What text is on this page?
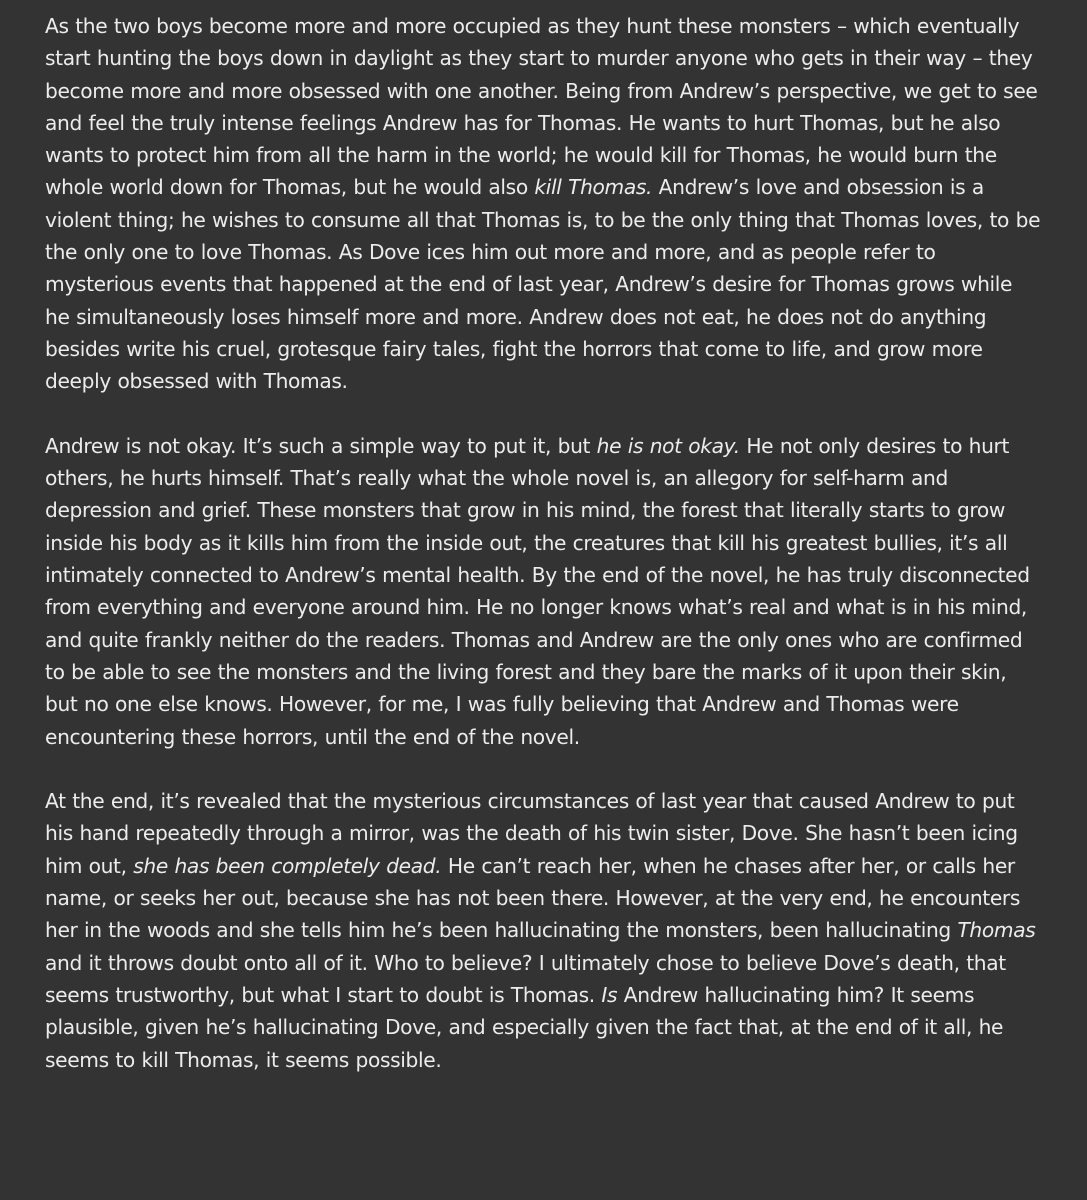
As the two boys become more and more occupied as they hunt these monsters – which eventually start hunting the boys down in daylight as they start to murder anyone who gets in their way – they become more and more obsessed with one another. Being from Andrew’s perspective, we get to see and feel the truly intense feelings Andrew has for Thomas. He wants to hurt Thomas, but he also wants to protect him from all the harm in the world; he would kill for Thomas, he would burn the whole world down for Thomas, but he would also kill Thomas. Andrew’s love and obsession is a violent thing; he wishes to consume all that Thomas is, to be the only thing that Thomas loves, to be the only one to love Thomas. As Dove ices him out more and more, and as people refer to mysterious events that happened at the end of last year, Andrew’s desire for Thomas grows while he simultaneously loses himself more and more. Andrew does not eat, he does not do anything besides write his cruel, grotesque fairy tales, fight the horrors that come to life, and grow more deeply obsessed with Thomas.

Andrew is not okay. It’s such a simple way to put it, but he is not okay. He not only desires to hurt others, he hurts himself. That’s really what the whole novel is, an allegory for self-harm and depression and grief. These monsters that grow in his mind, the forest that literally starts to grow inside his body as it kills him from the inside out, the creatures that kill his greatest bullies, it’s all intimately connected to Andrew’s mental health. By the end of the novel, he has truly disconnected from everything and everyone around him. He no longer knows what’s real and what is in his mind, and quite frankly neither do the readers. Thomas and Andrew are the only ones who are confirmed to be able to see the monsters and the living forest and they bare the marks of it upon their skin, but no one else knows. However, for me, I was fully believing that Andrew and Thomas were encountering these horrors, until the end of the novel.

At the end, it’s revealed that the mysterious circumstances of last year that caused Andrew to put his hand repeatedly through a mirror, was the death of his twin sister, Dove. She hasn’t been icing him out, she has been completely dead. He can’t reach her, when he chases after her, or calls her name, or seeks her out, because she has not been there. However, at the very end, he encounters her in the woods and she tells him he’s been hallucinating the monsters, been hallucinating Thomas and it throws doubt onto all of it. Who to believe? I ultimately chose to believe Dove’s death, that seems trustworthy, but what I start to doubt is Thomas. Is Andrew hallucinating him? It seems plausible, given he’s hallucinating Dove, and especially given the fact that, at the end of it all, he seems to kill Thomas, it seems possible.
